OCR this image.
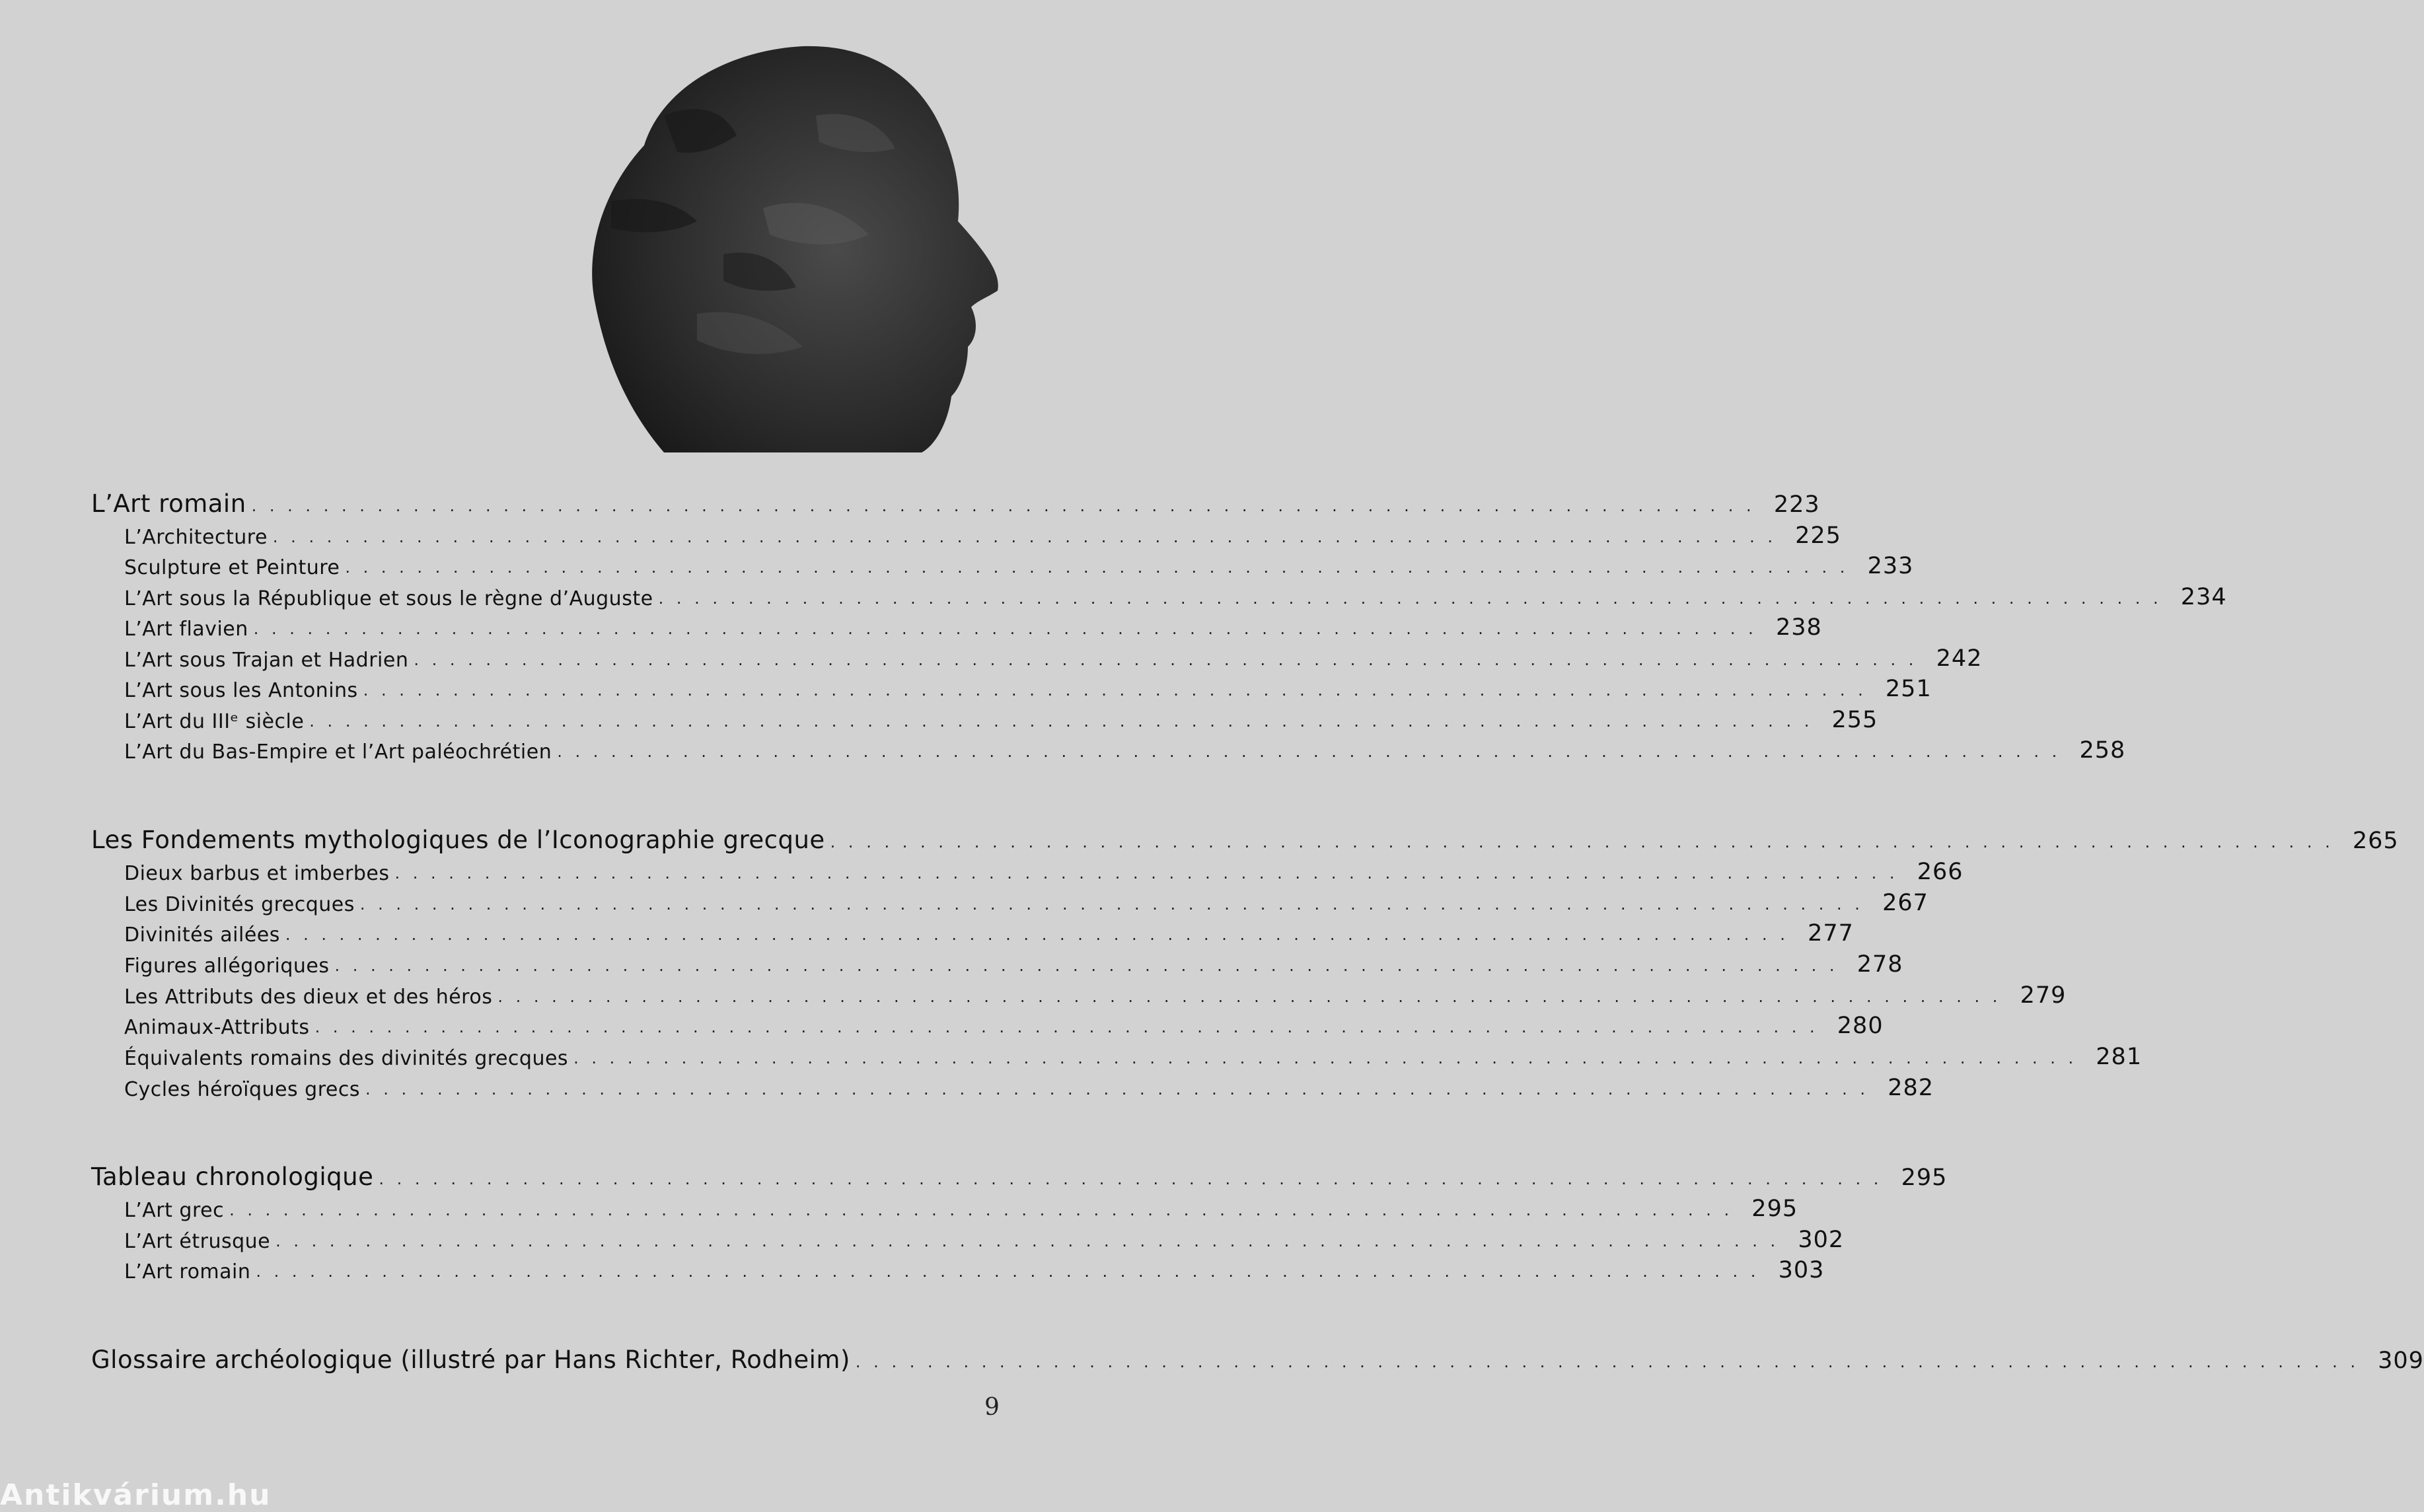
L’Art romain . . . . . . . . . . . . . . . . . . . . . . . . . . . . . . . . . . . . . . . . . . . . . . . . . . . . . . . . . . . . . . . . . . . . . . . . . . . . . . . . . . . . 223
L’Architecture . . . . . . . . . . . . . . . . . . . . . . . . . . . . . . . . . . . . . . . . . . . . . . . . . . . . . . . . . . . . . . . . . . . . . . . . . . . . . . . . . . . . 225
Sculpture et Peinture . . . . . . . . . . . . . . . . . . . . . . . . . . . . . . . . . . . . . . . . . . . . . . . . . . . . . . . . . . . . . . . . . . . . . . . . . . . . . . . . . . . . 233
L’Art sous la République et sous le règne d’Auguste . . . . . . . . . . . . . . . . . . . . . . . . . . . . . . . . . . . . . . . . . . . . . . . . . . . . . . . . . . . . . . . . . . . . . . . . . . . . . . . . . . . . 234
L’Art flavien . . . . . . . . . . . . . . . . . . . . . . . . . . . . . . . . . . . . . . . . . . . . . . . . . . . . . . . . . . . . . . . . . . . . . . . . . . . . . . . . . . . . 238
L’Art sous Trajan et Hadrien . . . . . . . . . . . . . . . . . . . . . . . . . . . . . . . . . . . . . . . . . . . . . . . . . . . . . . . . . . . . . . . . . . . . . . . . . . . . . . . . . . . . 242
L’Art sous les Antonins . . . . . . . . . . . . . . . . . . . . . . . . . . . . . . . . . . . . . . . . . . . . . . . . . . . . . . . . . . . . . . . . . . . . . . . . . . . . . . . . . . . . 251
L’Art du IIIᵉ siècle . . . . . . . . . . . . . . . . . . . . . . . . . . . . . . . . . . . . . . . . . . . . . . . . . . . . . . . . . . . . . . . . . . . . . . . . . . . . . . . . . . . . 255
L’Art du Bas-Empire et l’Art paléochrétien . . . . . . . . . . . . . . . . . . . . . . . . . . . . . . . . . . . . . . . . . . . . . . . . . . . . . . . . . . . . . . . . . . . . . . . . . . . . . . . . . . . . 258
Les Fondements mythologiques de l’Iconographie grecque . . . . . . . . . . . . . . . . . . . . . . . . . . . . . . . . . . . . . . . . . . . . . . . . . . . . . . . . . . . . . . . . . . . . . . . . . . . . . . . . . . . . 265
Dieux barbus et imberbes . . . . . . . . . . . . . . . . . . . . . . . . . . . . . . . . . . . . . . . . . . . . . . . . . . . . . . . . . . . . . . . . . . . . . . . . . . . . . . . . . . . . 266
Les Divinités grecques . . . . . . . . . . . . . . . . . . . . . . . . . . . . . . . . . . . . . . . . . . . . . . . . . . . . . . . . . . . . . . . . . . . . . . . . . . . . . . . . . . . . 267
Divinités ailées . . . . . . . . . . . . . . . . . . . . . . . . . . . . . . . . . . . . . . . . . . . . . . . . . . . . . . . . . . . . . . . . . . . . . . . . . . . . . . . . . . . . 277
Figures allégoriques . . . . . . . . . . . . . . . . . . . . . . . . . . . . . . . . . . . . . . . . . . . . . . . . . . . . . . . . . . . . . . . . . . . . . . . . . . . . . . . . . . . . 278
Les Attributs des dieux et des héros . . . . . . . . . . . . . . . . . . . . . . . . . . . . . . . . . . . . . . . . . . . . . . . . . . . . . . . . . . . . . . . . . . . . . . . . . . . . . . . . . . . . 279
Animaux-Attributs . . . . . . . . . . . . . . . . . . . . . . . . . . . . . . . . . . . . . . . . . . . . . . . . . . . . . . . . . . . . . . . . . . . . . . . . . . . . . . . . . . . . 280
Équivalents romains des divinités grecques . . . . . . . . . . . . . . . . . . . . . . . . . . . . . . . . . . . . . . . . . . . . . . . . . . . . . . . . . . . . . . . . . . . . . . . . . . . . . . . . . . . . 281
Cycles héroïques grecs . . . . . . . . . . . . . . . . . . . . . . . . . . . . . . . . . . . . . . . . . . . . . . . . . . . . . . . . . . . . . . . . . . . . . . . . . . . . . . . . . . . . 282
Tableau chronologique . . . . . . . . . . . . . . . . . . . . . . . . . . . . . . . . . . . . . . . . . . . . . . . . . . . . . . . . . . . . . . . . . . . . . . . . . . . . . . . . . . . . 295
L’Art grec . . . . . . . . . . . . . . . . . . . . . . . . . . . . . . . . . . . . . . . . . . . . . . . . . . . . . . . . . . . . . . . . . . . . . . . . . . . . . . . . . . . . 295
L’Art étrusque . . . . . . . . . . . . . . . . . . . . . . . . . . . . . . . . . . . . . . . . . . . . . . . . . . . . . . . . . . . . . . . . . . . . . . . . . . . . . . . . . . . . 302
L’Art romain . . . . . . . . . . . . . . . . . . . . . . . . . . . . . . . . . . . . . . . . . . . . . . . . . . . . . . . . . . . . . . . . . . . . . . . . . . . . . . . . . . . . 303
Glossaire archéologique (illustré par Hans Richter, Rodheim) . . . . . . . . . . . . . . . . . . . . . . . . . . . . . . . . . . . . . . . . . . . . . . . . . . . . . . . . . . . . . . . . . . . . . . . . . . . . . . . . . . . . 309
9
Antikvárium.hu
